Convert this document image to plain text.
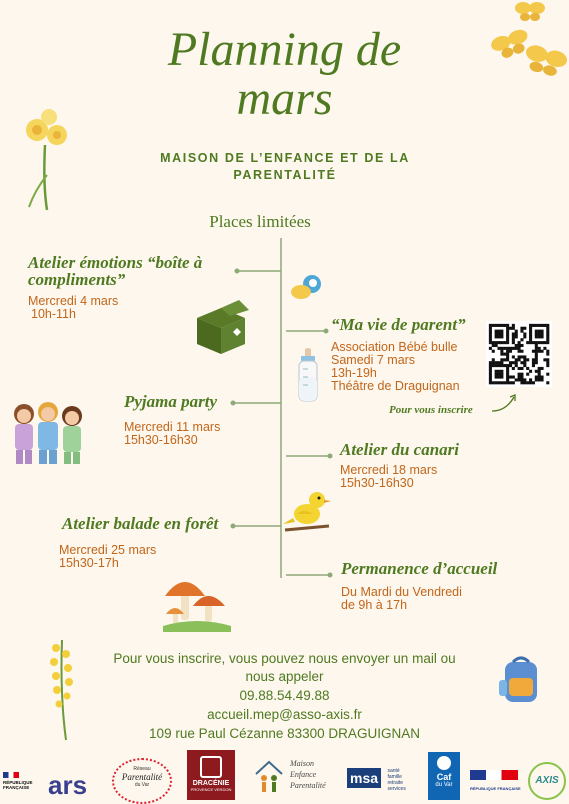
Planning de
mars
MAISON DE L’ENFANCE ET DE LA
PARENTALITÉ
Places limitées
Atelier émotions “boîte à
compliments”
Mercredi 4 mars
10h-11h
“Ma vie de parent”
Association Bébé bulle
Samedi 7 mars
13h-19h
Théâtre de Draguignan
Pour vous inscrire
Pyjama party
Mercredi 11 mars
15h30-16h30	Atelier du canari
Mercredi 18 mars
15h30-16h30
Atelier balade en forêt
Mercredi 25 mars
15h30-17h	Permanence d’accueil
Du Mardi du Vendredi
de 9h à 17h
Pour vous inscrire, vous pouvez nous envoyer un mail ou
nous appeler
09.88.54.49.88
accueil.mep@asso-axis.fr
109 rue Paul Cézanne 83300 DRAGUIGNAN
RÉPUBLIQUE FRANÇAISE ars
Réseau
Parentalité
du Var	DRACÉNIE
PROVENCE VERDON
Maison
Enfance
Parentalité msa santé
famille
retraite
services
Caf
du Var
RÉPUBLIQUE FRANÇAISE
AXIS
